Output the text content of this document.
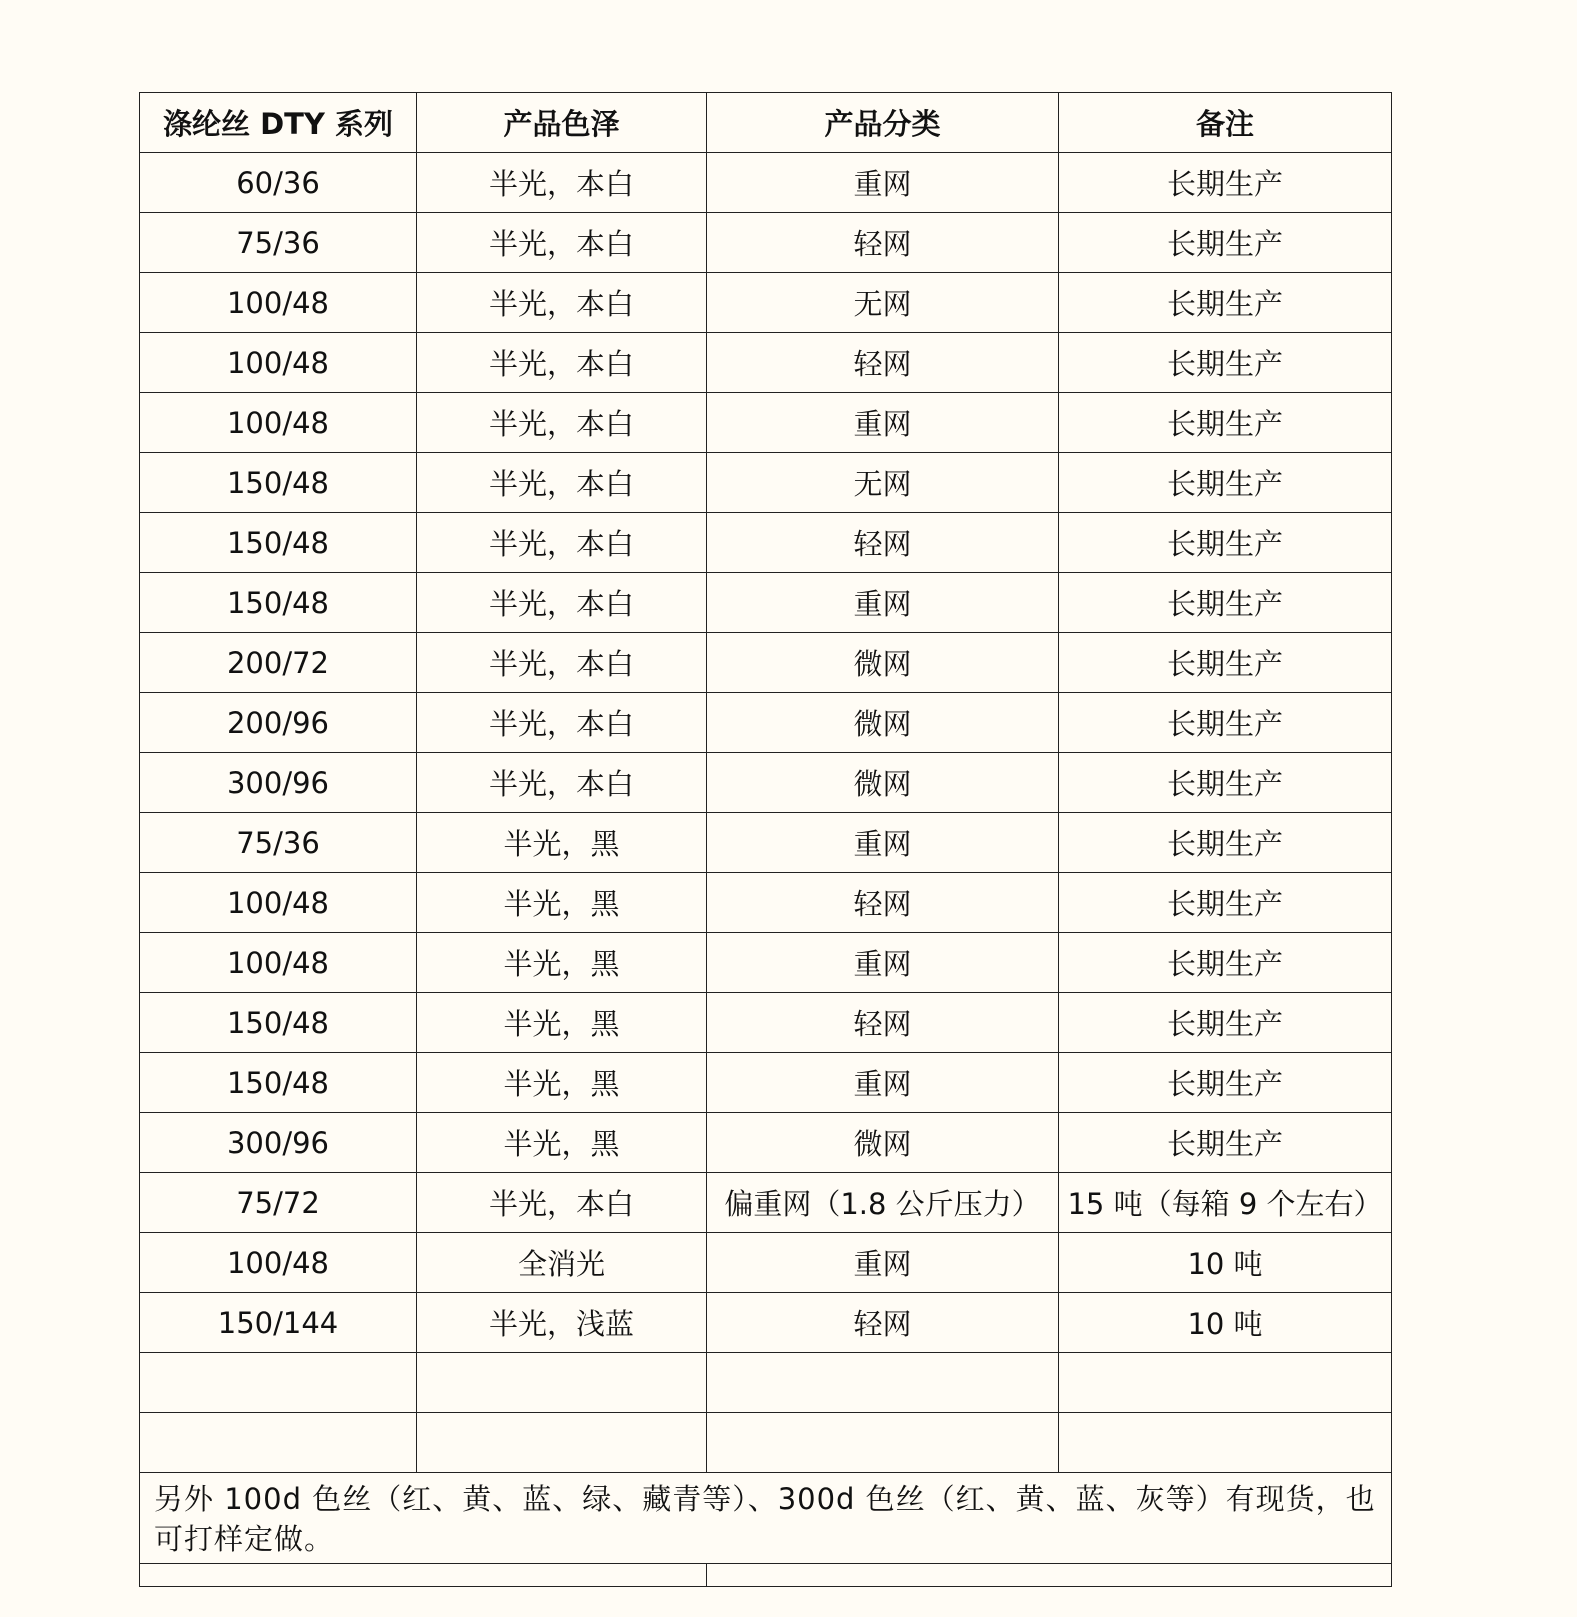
涤纶丝 DTY 系列	产品色泽	产品分类	备注
60/36	半光，本白	重网	长期生产
75/36	半光，本白	轻网	长期生产
100/48	半光，本白	无网	长期生产
100/48	半光，本白	轻网	长期生产
100/48	半光，本白	重网	长期生产
150/48	半光，本白	无网	长期生产
150/48	半光，本白	轻网	长期生产
150/48	半光，本白	重网	长期生产
200/72	半光，本白	微网	长期生产
200/96	半光，本白	微网	长期生产
300/96	半光，本白	微网	长期生产
75/36	半光，黑	重网	长期生产
100/48	半光，黑	轻网	长期生产
100/48	半光，黑	重网	长期生产
150/48	半光，黑	轻网	长期生产
150/48	半光，黑	重网	长期生产
300/96	半光，黑	微网	长期生产
75/72	半光，本白	偏重网（1.8 公斤压力）	15 吨（每箱 9 个左右）
100/48	全消光	重网	10 吨
150/144	半光，浅蓝	轻网	10 吨

另外 100d 色丝（红、黄、蓝、绿、藏青等）、300d 色丝（红、黄、蓝、灰等）有现货，也可打样定做。			
